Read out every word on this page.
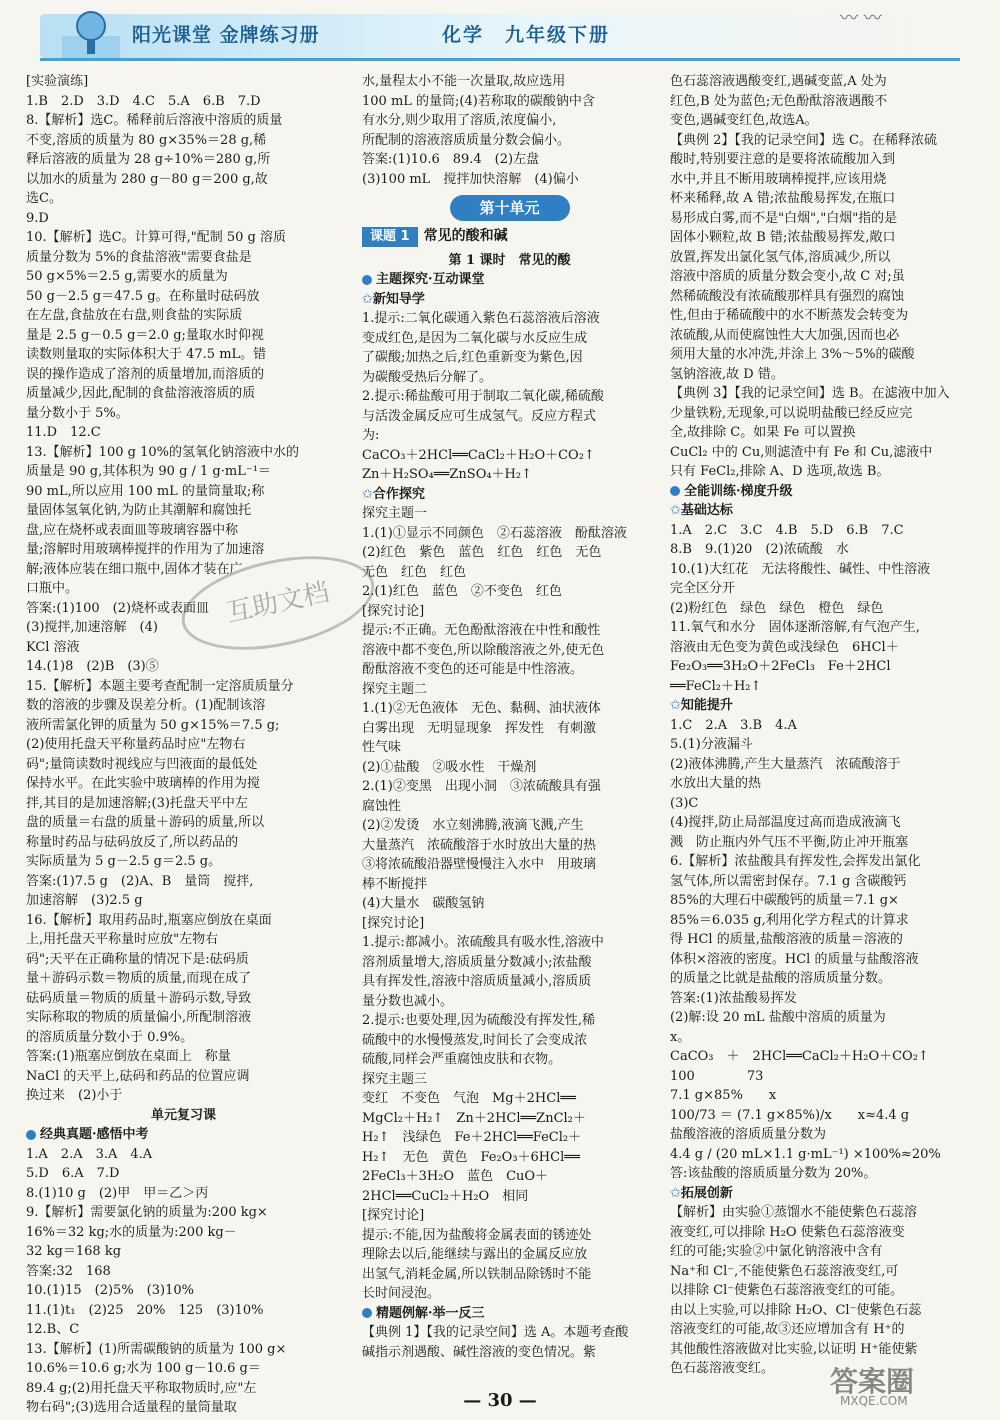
阳光课堂 金牌练习册	化学　九年级下册
〰 〰
[实验演练]
1.B　2.D　3.D　4.C　5.A　6.B　7.D
8.【解析】选C。稀释前后溶液中溶质的质量
不变,溶质的质量为 80 g×35%＝28 g,稀
释后溶液的质量为 28 g÷10%＝280 g,所
以加水的质量为 280 g－80 g＝200 g,故
选C。
9.D
10.【解析】选C。计算可得,"配制 50 g 溶质
质量分数为 5%的食盐溶液"需要食盐是
50 g×5%＝2.5 g,需要水的质量为
50 g－2.5 g＝47.5 g。在称量时砝码放
在左盘,食盐放在右盘,则食盐的实际质
量是 2.5 g－0.5 g＝2.0 g;量取水时仰视
读数则量取的实际体积大于 47.5 mL。错
误的操作造成了溶剂的质量增加,而溶质的
质量减少,因此,配制的食盐溶液溶质的质
量分数小于 5%。
11.D　12.C
13.【解析】100 g 10%的氢氧化钠溶液中水的
质量是 90 g,其体积为 90 g / 1 g·mL⁻¹＝
90 mL,所以应用 100 mL 的量筒量取;称
量固体氢氧化钠,为防止其潮解和腐蚀托
盘,应在烧杯或表面皿等玻璃容器中称
量;溶解时用玻璃棒搅拌的作用为了加速溶
解;液体应装在细口瓶中,固体才装在广
口瓶中。
答案:(1)100　(2)烧杯或表面皿
(3)搅拌,加速溶解　(4)
KCl 溶液
14.(1)8　(2)B　(3)⑤
15.【解析】本题主要考查配制一定溶质质量分
数的溶液的步骤及误差分析。(1)配制该溶
液所需氯化钾的质量为 50 g×15%＝7.5 g;
(2)使用托盘天平称量药品时应"左物右
码";量筒读数时视线应与凹液面的最低处
保持水平。在此实验中玻璃棒的作用为搅
拌,其目的是加速溶解;(3)托盘天平中左
盘的质量＝右盘的质量＋游码的质量,所以
称量时药品与砝码放反了,所以药品的
实际质量为 5 g－2.5 g＝2.5 g。
答案:(1)7.5 g　(2)A、B　量筒　搅拌,
加速溶解　(3)2.5 g
16.【解析】取用药品时,瓶塞应倒放在桌面
上,用托盘天平称量时应放"左物右
码";天平在正确称量的情况下是:砝码质
量＋游码示数＝物质的质量,而现在成了
砝码质量＝物质的质量＋游码示数,导致
实际称取的物质的质量偏小,所配制溶液
的溶质质量分数小于 0.9%。
答案:(1)瓶塞应倒放在桌面上　称量
NaCl 的天平上,砝码和药品的位置应调
换过来　(2)小于
单元复习课
经典真题·感悟中考
1.A　2.A　3.A　4.A
5.D　6.A　7.D
8.(1)10 g　(2)甲　甲＝乙＞丙
9.【解析】需要氯化钠的质量为:200 kg×
16%＝32 kg;水的质量为:200 kg－
32 kg＝168 kg
答案:32　168
10.(1)15　(2)5%　(3)10%
11.(1)t₁　(2)25　20%　125　(3)10%
12.B、C
13.【解析】(1)所需碳酸钠的质量为 100 g×
10.6%＝10.6 g;水为 100 g－10.6 g＝
89.4 g;(2)用托盘天平称取物质时,应"左
物右码";(3)选用合适量程的量筒量取
水,量程太小不能一次量取,故应选用
100 mL 的量筒;(4)若称取的碳酸钠中含
有水分,则少取用了溶质,浓度偏小,
所配制的溶液溶质质量分数会偏小。
答案:(1)10.6　89.4　(2)左盘
(3)100 mL　搅拌加快溶解　(4)偏小
第十单元
课题 1	常见的酸和碱
第 1 课时　常见的酸
主题探究·互动课堂
✩新知导学
1.提示:二氧化碳通入紫色石蕊溶液后溶液
变成红色,是因为二氧化碳与水反应生成
了碳酸;加热之后,红色重新变为紫色,因
为碳酸受热后分解了。
2.提示:稀盐酸可用于制取二氧化碳,稀硫酸
与活泼金属反应可生成氢气。反应方程式
为:
CaCO₃＋2HCl══CaCl₂＋H₂O＋CO₂↑
Zn＋H₂SO₄══ZnSO₄＋H₂↑
✩合作探究
探究主题一
1.(1)①显示不同颜色　②石蕊溶液　酚酞溶液
(2)红色　紫色　蓝色　红色　红色　无色
无色　红色　红色
2.(1)红色　蓝色　②不变色　红色
[探究讨论]
提示:不正确。无色酚酞溶液在中性和酸性
溶液中都不变色,所以除酸溶液之外,使无色
酚酞溶液不变色的还可能是中性溶液。
探究主题二
1.(1)②无色液体　无色、黏稠、油状液体
白雾出现　无明显现象　挥发性　有刺激
性气味
(2)①盐酸　②吸水性　干燥剂
2.(1)②变黑　出现小洞　③浓硫酸具有强
腐蚀性
(2)②发烫　水立刻沸腾,液滴飞溅,产生
大量蒸汽　浓硫酸溶于水时放出大量的热
③将浓硫酸沿器壁慢慢注入水中　用玻璃
棒不断搅拌
(4)大量水　碳酸氢钠
[探究讨论]
1.提示:都减小。浓硫酸具有吸水性,溶液中
溶剂质量增大,溶质质量分数减小;浓盐酸
具有挥发性,溶液中溶质质量减小,溶质质
量分数也减小。
2.提示:也要处理,因为硫酸没有挥发性,稀
硫酸中的水慢慢蒸发,时间长了会变成浓
硫酸,同样会严重腐蚀皮肤和衣物。
探究主题三
变红　不变色　气泡　Mg＋2HCl══
MgCl₂＋H₂↑　Zn＋2HCl══ZnCl₂＋
H₂↑　浅绿色　Fe＋2HCl══FeCl₂＋
H₂↑　无色　黄色　Fe₂O₃＋6HCl══
2FeCl₃＋3H₂O　蓝色　CuO＋
2HCl══CuCl₂＋H₂O　相同
[探究讨论]
提示:不能,因为盐酸将金属表面的锈迹处
理除去以后,能继续与露出的金属反应放
出氢气,消耗金属,所以铁制品除锈时不能
长时间浸泡。
精题例解·举一反三
【典例 1】【我的记录空间】选 A。本题考查酸
碱指示剂遇酸、碱性溶液的变色情况。紫
色石蕊溶液遇酸变红,遇碱变蓝,A 处为
红色,B 处为蓝色;无色酚酞溶液遇酸不
变色,遇碱变红色,故选A。
【典例 2】【我的记录空间】选 C。在稀释浓硫
酸时,特别要注意的是要将浓硫酸加入到
水中,并且不断用玻璃棒搅拌,应该用烧
杯来稀释,故 A 错;浓盐酸易挥发,在瓶口
易形成白雾,而不是"白烟","白烟"指的是
固体小颗粒,故 B 错;浓盐酸易挥发,敞口
放置,挥发出氯化氢气体,溶质减少,所以
溶液中溶质的质量分数会变小,故 C 对;虽
然稀硫酸没有浓硫酸那样具有强烈的腐蚀
性,但由于稀硫酸中的水不断蒸发会转变为
浓硫酸,从而使腐蚀性大大加强,因而也必
须用大量的水冲洗,并涂上 3%～5%的碳酸
氢钠溶液,故 D 错。
【典例 3】【我的记录空间】选 B。在滤液中加入
少量铁粉,无现象,可以说明盐酸已经反应完
全,故排除 C。如果 Fe 可以置换
CuCl₂ 中的 Cu,则滤渣中有 Fe 和 Cu,滤液中
只有 FeCl₂,排除 A、D 选项,故选 B。
全能训练·梯度升级
✩基础达标
1.A　2.C　3.C　4.B　5.D　6.B　7.C
8.B　9.(1)20　(2)浓硫酸　水
10.(1)大红花　无法将酸性、碱性、中性溶液
完全区分开
(2)粉红色　绿色　绿色　橙色　绿色
11.氧气和水分　固体逐渐溶解,有气泡产生,
溶液由无色变为黄色或浅绿色　6HCl＋
Fe₂O₃══3H₂O＋2FeCl₃　Fe＋2HCl
══FeCl₂＋H₂↑
✩知能提升
1.C　2.A　3.B　4.A
5.(1)分液漏斗
(2)液体沸腾,产生大量蒸汽　浓硫酸溶于
水放出大量的热
(3)C
(4)搅拌,防止局部温度过高而造成液滴飞
溅　防止瓶内外气压不平衡,防止冲开瓶塞
6.【解析】浓盐酸具有挥发性,会挥发出氯化
氢气体,所以需密封保存。7.1 g 含碳酸钙
85%的大理石中碳酸钙的质量＝7.1 g×
85%＝6.035 g,利用化学方程式的计算求
得 HCl 的质量,盐酸溶液的质量＝溶液的
体积×溶液的密度。HCl 的质量与盐酸溶液
的质量之比就是盐酸的溶质质量分数。
答案:(1)浓盐酸易挥发
(2)解:设 20 mL 盐酸中溶质的质量为
x。
CaCO₃　＋　2HCl══CaCl₂＋H₂O＋CO₂↑
100　　　　73
7.1 g×85%　　x
100/73 ＝ (7.1 g×85%)/x　　x≈4.4 g
盐酸溶液的溶质质量分数为
4.4 g / (20 mL×1.1 g·mL⁻¹) ×100%≈20%
答:该盐酸的溶质质量分数为 20%。
✩拓展创新
【解析】由实验①蒸馏水不能使紫色石蕊溶
液变红,可以排除 H₂O 使紫色石蕊溶液变
红的可能;实验②中氯化钠溶液中含有
Na⁺和 Cl⁻,不能使紫色石蕊溶液变红,可
以排除 Cl⁻使紫色石蕊溶液变红的可能。
由以上实验,可以排除 H₂O、Cl⁻使紫色石蕊
溶液变红的可能,故③还应增加含有 H⁺的
其他酸性溶液做对比实验,以证明 H⁺能使紫
色石蕊溶液变红。
互助文档
— 30 —
答案圈
MXQE.COM
